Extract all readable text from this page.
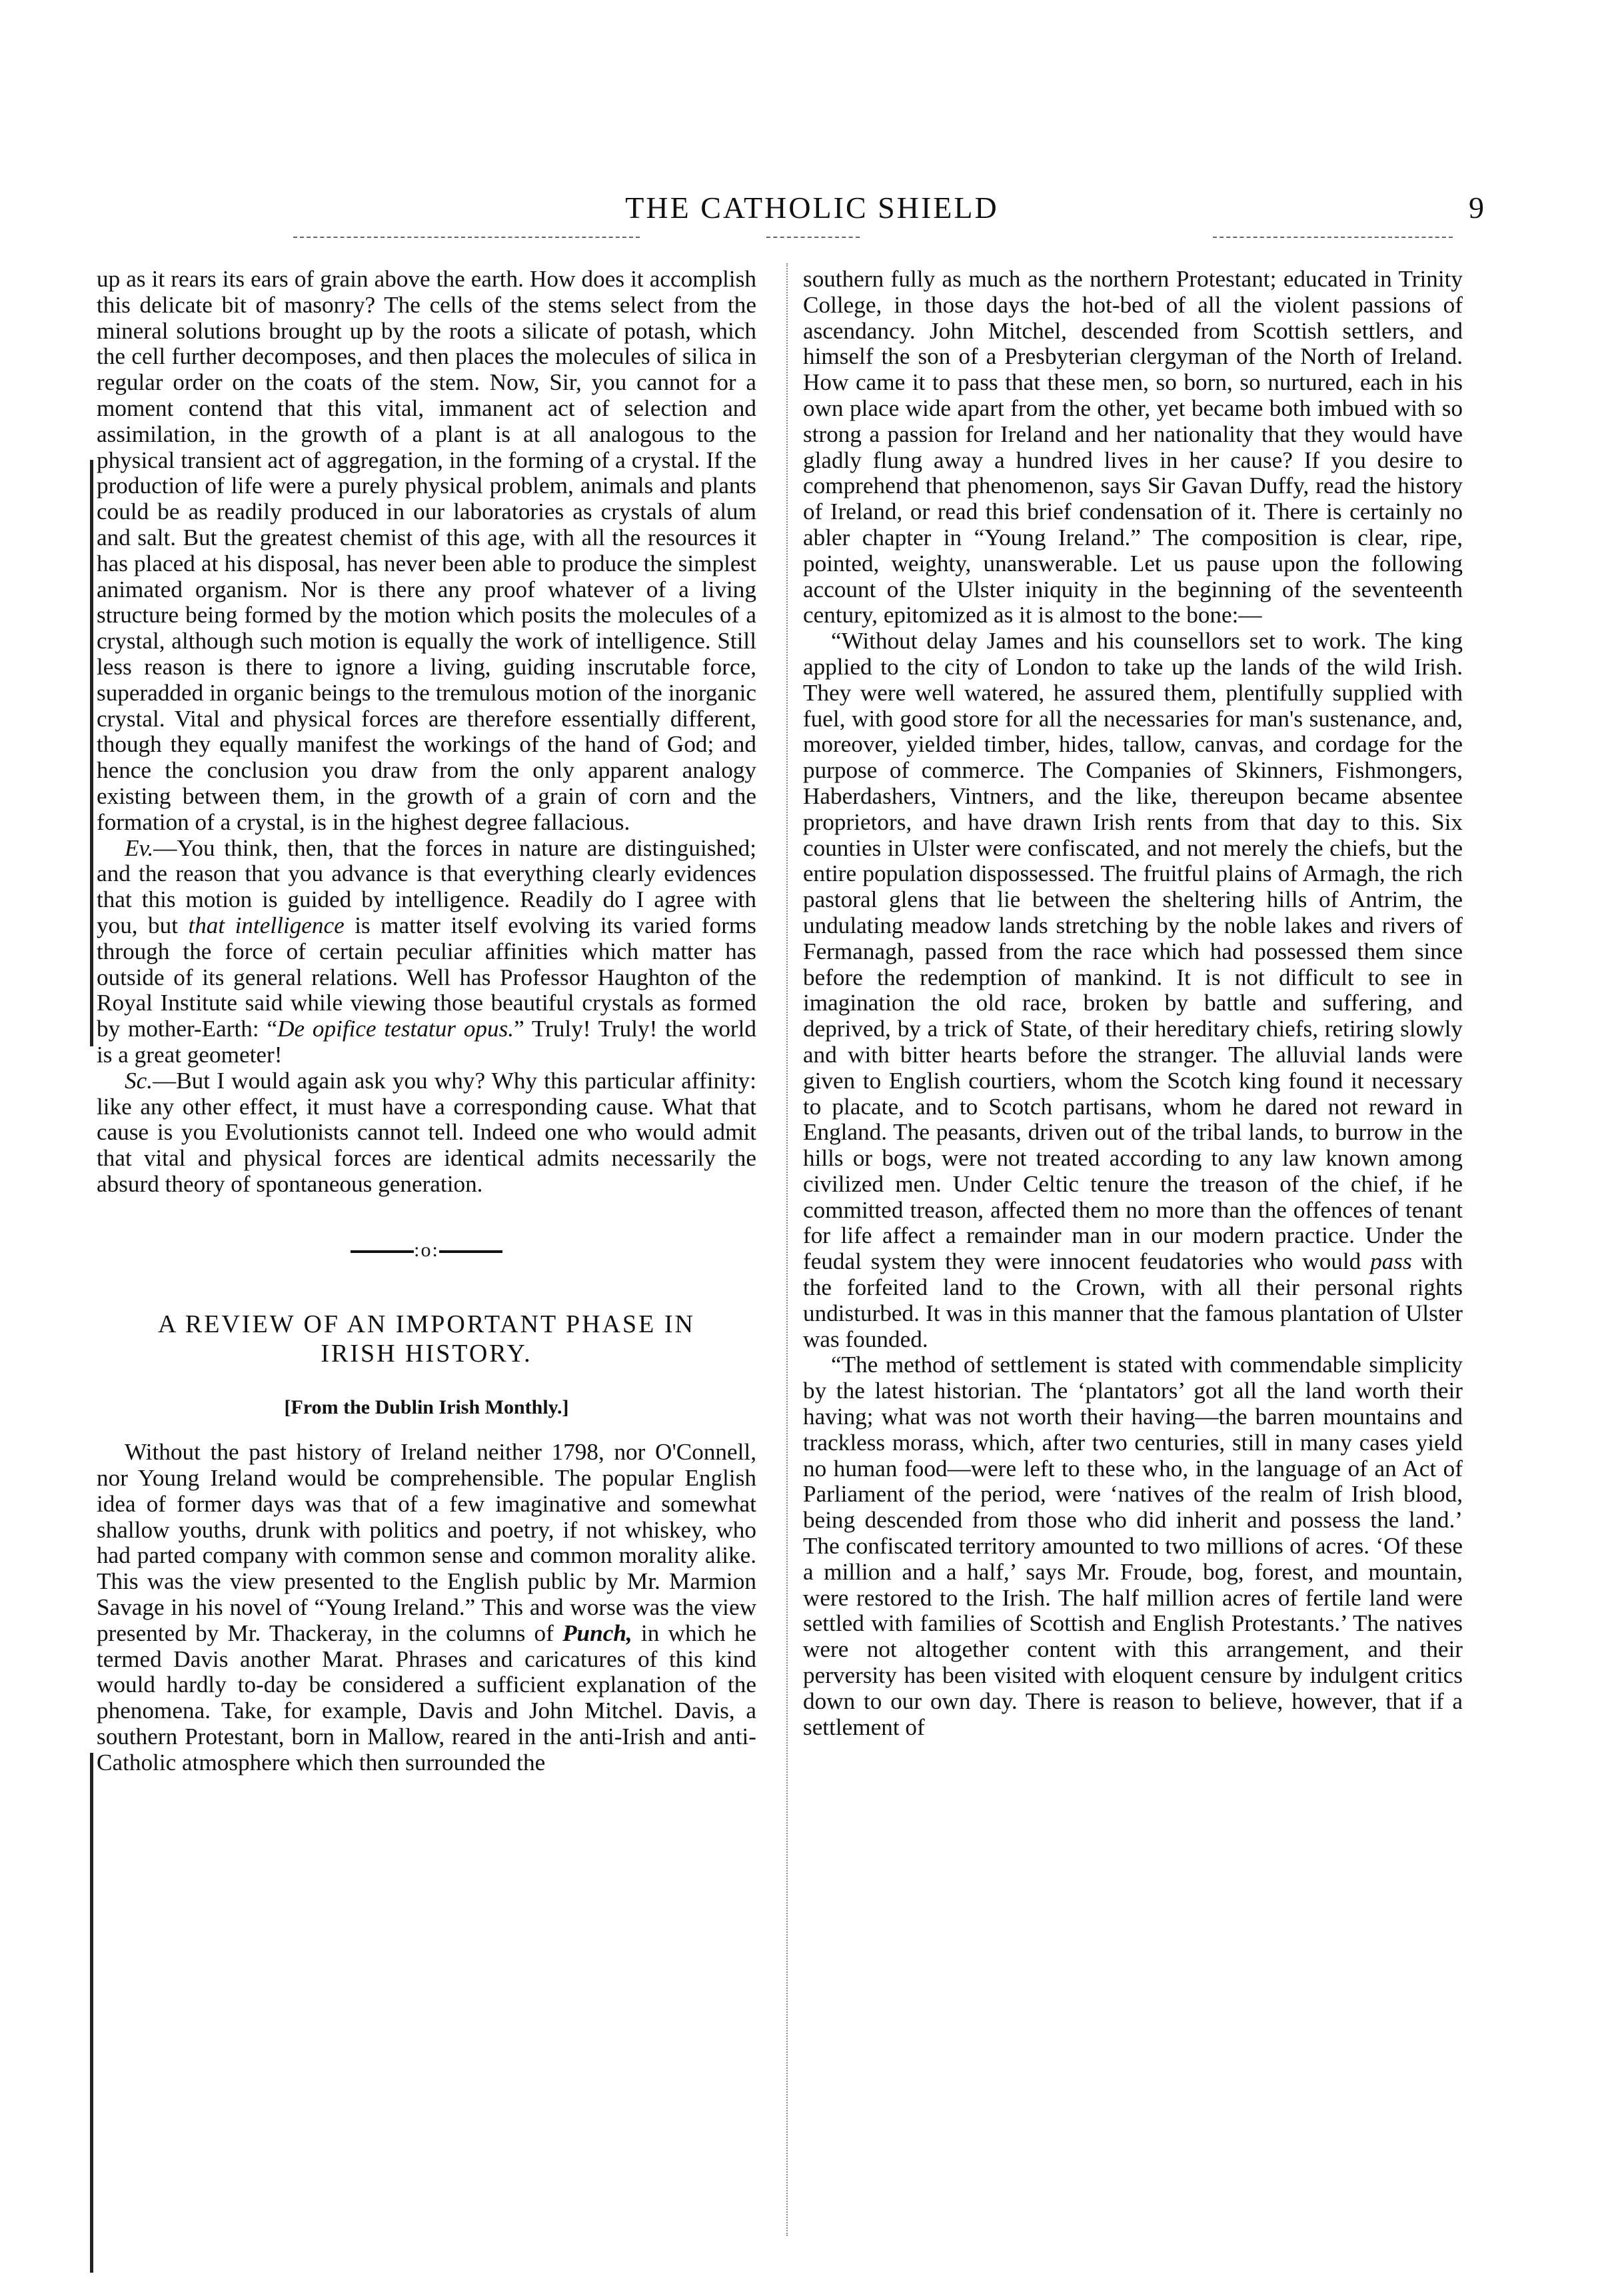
THE CATHOLIC SHIELD	9

up as it rears its ears of grain above the earth. How does it accomplish this delicate bit of masonry? The cells of the stems select from the mineral solutions brought up by the roots a silicate of potash, which the cell further decomposes, and then places the molecules of silica in regular order on the coats of the stem. Now, Sir, you cannot for a moment contend that this vital, immanent act of selection and assimilation, in the growth of a plant is at all analogous to the physical transient act of aggregation, in the forming of a crystal. If the production of life were a purely physical problem, animals and plants could be as readily produced in our laboratories as crystals of alum and salt. But the greatest chemist of this age, with all the resources it has placed at his disposal, has never been able to produce the simplest animated organism. Nor is there any proof whatever of a living structure being formed by the motion which posits the molecules of a crystal, although such motion is equally the work of intelligence. Still less reason is there to ignore a living, guiding inscrutable force, superadded in organic beings to the tremulous motion of the inorganic crystal. Vital and physical forces are therefore essentially different, though they equally manifest the workings of the hand of God; and hence the conclusion you draw from the only apparent analogy existing between them, in the growth of a grain of corn and the formation of a crystal, is in the highest degree fallacious.

Ev.—You think, then, that the forces in nature are distinguished; and the reason that you advance is that everything clearly evidences that this motion is guided by intelligence. Readily do I agree with you, but that intelligence is matter itself evolving its varied forms through the force of certain peculiar affinities which matter has outside of its general relations. Well has Professor Haughton of the Royal Institute said while viewing those beautiful crystals as formed by mother-Earth: “De opifice testatur opus.” Truly! Truly! the world is a great geometer!

Sc.—But I would again ask you why? Why this particular affinity: like any other effect, it must have a corresponding cause. What that cause is you Evolutionists cannot tell. Indeed one who would admit that vital and physical forces are identical admits necessarily the absurd theory of spontaneous generation.

:o:
A REVIEW OF AN IMPORTANT PHASE IN IRISH HISTORY.
[From the Dublin Irish Monthly.]

Without the past history of Ireland neither 1798, nor O'Connell, nor Young Ireland would be comprehensible. The popular English idea of former days was that of a few imaginative and somewhat shallow youths, drunk with politics and poetry, if not whiskey, who had parted company with common sense and common morality alike. This was the view presented to the English public by Mr. Marmion Savage in his novel of “Young Ireland.” This and worse was the view presented by Mr. Thackeray, in the columns of Punch, in which he termed Davis another Marat. Phrases and caricatures of this kind would hardly to-day be considered a sufficient explanation of the phenomena. Take, for example, Davis and John Mitchel. Davis, a southern Protestant, born in Mallow, reared in the anti-Irish and anti-Catholic atmosphere which then surrounded the

southern fully as much as the northern Protestant; educated in Trinity College, in those days the hot-bed of all the violent passions of ascendancy. John Mitchel, descended from Scottish settlers, and himself the son of a Presbyterian clergyman of the North of Ireland. How came it to pass that these men, so born, so nurtured, each in his own place wide apart from the other, yet became both imbued with so strong a passion for Ireland and her nationality that they would have gladly flung away a hundred lives in her cause? If you desire to comprehend that phenomenon, says Sir Gavan Duffy, read the history of Ireland, or read this brief condensation of it. There is certainly no abler chapter in “Young Ireland.” The composition is clear, ripe, pointed, weighty, unanswerable. Let us pause upon the following account of the Ulster iniquity in the beginning of the seventeenth century, epitomized as it is almost to the bone:—

“Without delay James and his counsellors set to work. The king applied to the city of London to take up the lands of the wild Irish. They were well watered, he assured them, plentifully supplied with fuel, with good store for all the necessaries for man's sustenance, and, moreover, yielded timber, hides, tallow, canvas, and cordage for the purpose of commerce. The Companies of Skinners, Fishmongers, Haberdashers, Vintners, and the like, thereupon became absentee proprietors, and have drawn Irish rents from that day to this. Six counties in Ulster were confiscated, and not merely the chiefs, but the entire population dispossessed. The fruitful plains of Armagh, the rich pastoral glens that lie between the sheltering hills of Antrim, the undulating meadow lands stretching by the noble lakes and rivers of Fermanagh, passed from the race which had possessed them since before the redemption of mankind. It is not difficult to see in imagination the old race, broken by battle and suffering, and deprived, by a trick of State, of their hereditary chiefs, retiring slowly and with bitter hearts before the stranger. The alluvial lands were given to English courtiers, whom the Scotch king found it necessary to placate, and to Scotch partisans, whom he dared not reward in England. The peasants, driven out of the tribal lands, to burrow in the hills or bogs, were not treated according to any law known among civilized men. Under Celtic tenure the treason of the chief, if he committed treason, affected them no more than the offences of tenant for life affect a remainder man in our modern practice. Under the feudal system they were innocent feudatories who would pass with the forfeited land to the Crown, with all their personal rights undisturbed. It was in this manner that the famous plantation of Ulster was founded.

“The method of settlement is stated with commendable simplicity by the latest historian. The ‘plantators’ got all the land worth their having; what was not worth their having—the barren mountains and trackless morass, which, after two centuries, still in many cases yield no human food—were left to these who, in the language of an Act of Parliament of the period, were ‘natives of the realm of Irish blood, being descended from those who did inherit and possess the land.’ The confiscated territory amounted to two millions of acres. ‘Of these a million and a half,’ says Mr. Froude, bog, forest, and mountain, were restored to the Irish. The half million acres of fertile land were settled with families of Scottish and English Protestants.’ The natives were not altogether content with this arrangement, and their perversity has been visited with eloquent censure by indulgent critics down to our own day. There is reason to believe, however, that if a settlement of
